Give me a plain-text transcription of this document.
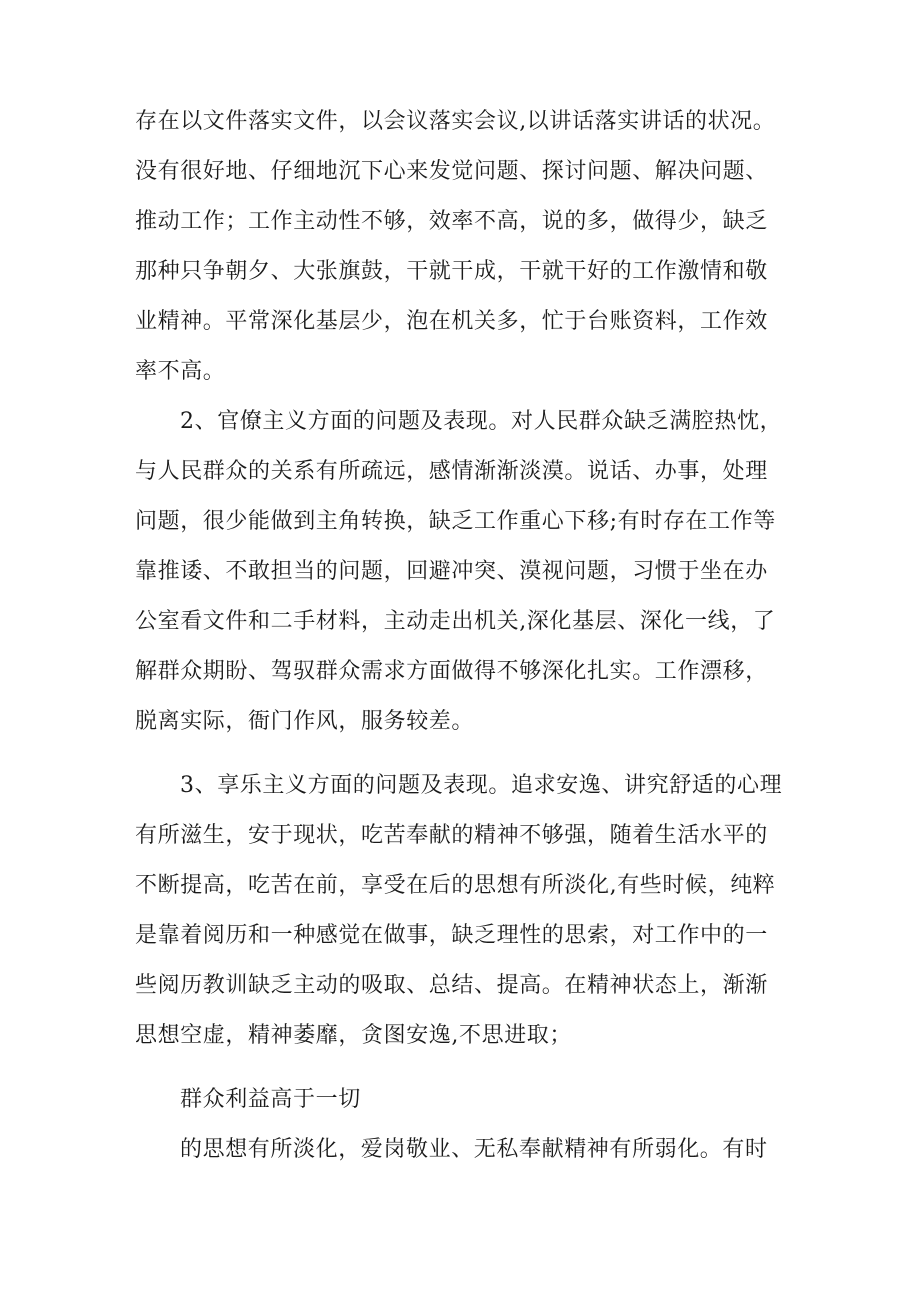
存在以文件落实文件，以会议落实会议,以讲话落实讲话的状况。
没有很好地、仔细地沉下心来发觉问题、探讨问题、解决问题、
推动工作；工作主动性不够，效率不高，说的多，做得少，缺乏
那种只争朝夕、大张旗鼓，干就干成，干就干好的工作激情和敬
业精神。平常深化基层少，泡在机关多，忙于台账资料，工作效
率不高。
2、官僚主义方面的问题及表现。对人民群众缺乏满腔热忱，
与人民群众的关系有所疏远，感情渐渐淡漠。说话、办事，处理
问题，很少能做到主角转换，缺乏工作重心下移;有时存在工作等
靠推诿、不敢担当的问题，回避冲突、漠视问题，习惯于坐在办
公室看文件和二手材料，主动走出机关,深化基层、深化一线，了
解群众期盼、驾驭群众需求方面做得不够深化扎实。工作漂移，
脱离实际，衙门作风，服务较差。
3、享乐主义方面的问题及表现。追求安逸、讲究舒适的心理
有所滋生，安于现状，吃苦奉献的精神不够强，随着生活水平的
不断提高，吃苦在前，享受在后的思想有所淡化,有些时候，纯粹
是靠着阅历和一种感觉在做事，缺乏理性的思索，对工作中的一
些阅历教训缺乏主动的吸取、总结、提高。在精神状态上，渐渐
思想空虚，精神萎靡，贪图安逸,不思进取；
群众利益高于一切
的思想有所淡化，爱岗敬业、无私奉献精神有所弱化。有时
